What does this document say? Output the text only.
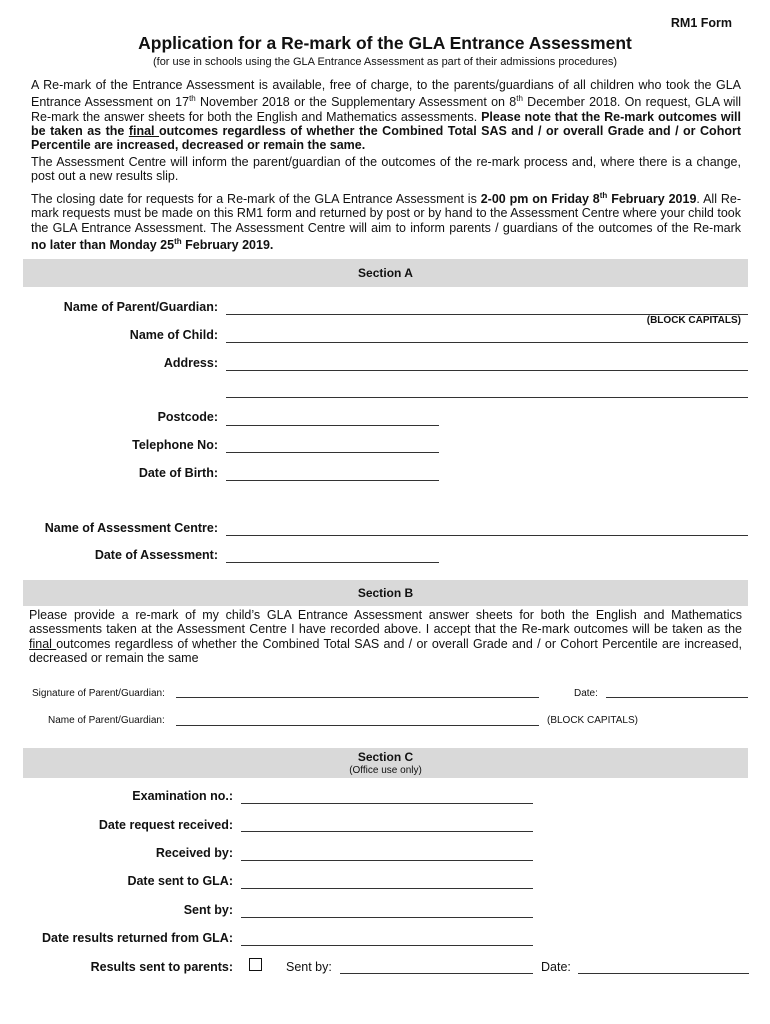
RM1 Form
Application for a Re-mark of the GLA Entrance Assessment
(for use in schools using the GLA Entrance Assessment as part of their admissions procedures)
A Re-mark of the Entrance Assessment is available, free of charge, to the parents/guardians of all children who took the GLA Entrance Assessment on 17th November 2018 or the Supplementary Assessment on 8th December 2018. On request, GLA will Re-mark the answer sheets for both the English and Mathematics assessments. Please note that the Re-mark outcomes will be taken as the final outcomes regardless of whether the Combined Total SAS and / or overall Grade and / or Cohort Percentile are increased, decreased or remain the same.
The Assessment Centre will inform the parent/guardian of the outcomes of the re-mark process and, where there is a change, post out a new results slip.
The closing date for requests for a Re-mark of the GLA Entrance Assessment is 2-00 pm on Friday 8th February 2019. All Re-mark requests must be made on this RM1 form and returned by post or by hand to the Assessment Centre where your child took the GLA Entrance Assessment. The Assessment Centre will aim to inform parents / guardians of the outcomes of the Re-mark no later than Monday 25th February 2019.
Section A
Name of Parent/Guardian:
(BLOCK CAPITALS)
Name of Child:
Address:
Postcode:
Telephone No:
Date of Birth:
Name of Assessment Centre:
Date of Assessment:
Section B
Please provide a re-mark of my child’s GLA Entrance Assessment answer sheets for both the English and Mathematics assessments taken at the Assessment Centre I have recorded above. I accept that the Re-mark outcomes will be taken as the final outcomes regardless of whether the Combined Total SAS and / or overall Grade and / or Cohort Percentile are increased, decreased or remain the same
Signature of Parent/Guardian:	Date:
Name of Parent/Guardian:	(BLOCK CAPITALS)
Section C
(Office use only)
Examination no.:
Date request received:
Received by:
Date sent to GLA:
Sent by:
Date results returned from GLA:
Results sent to parents:	Sent by:	Date:
